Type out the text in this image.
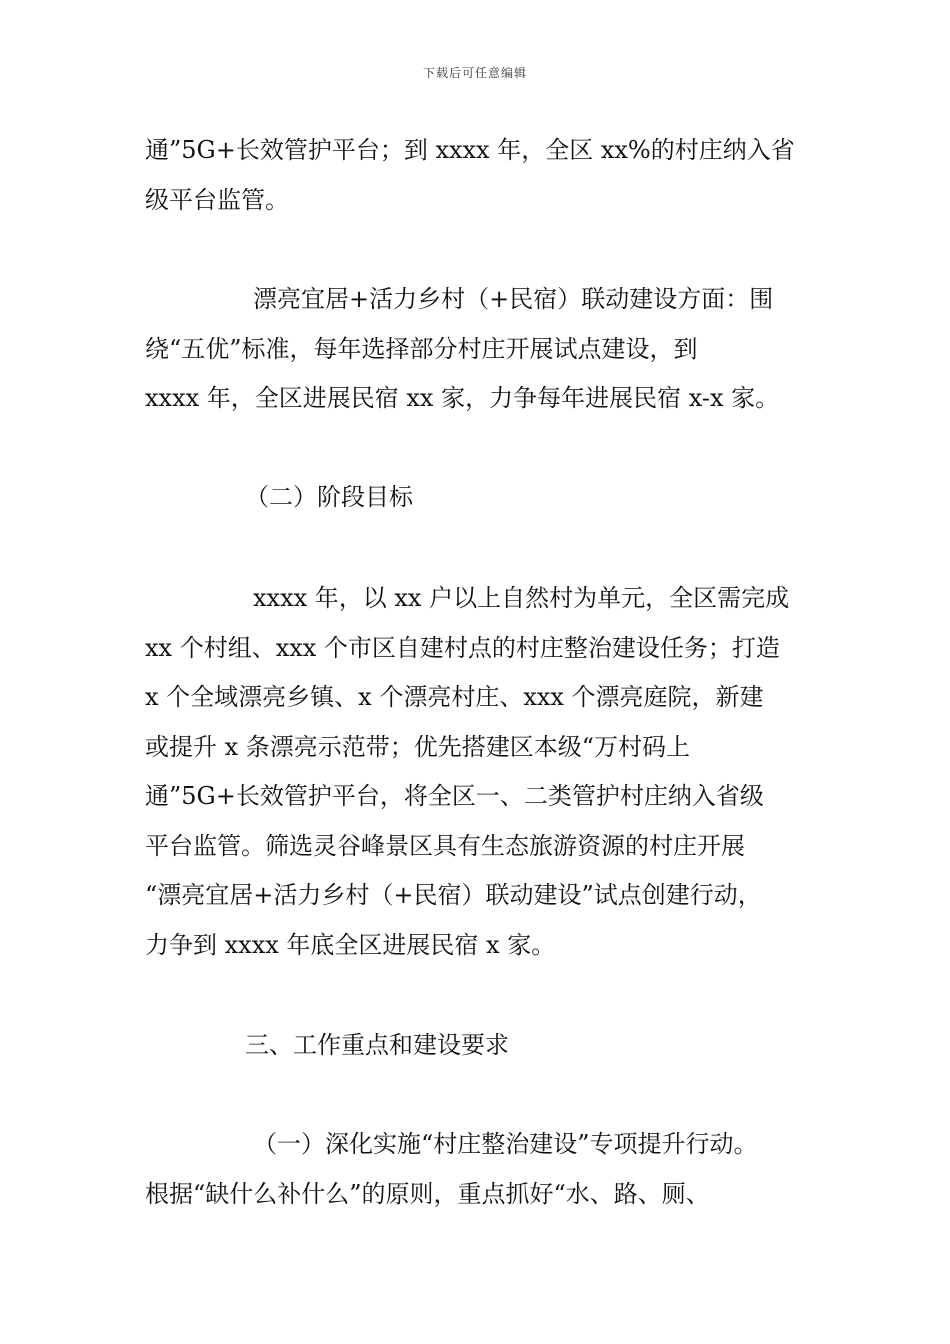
下载后可任意编辑
通”5G+长效管护平台；到 xxxx 年，全区 xx%的村庄纳入省
级平台监管。
漂亮宜居+活力乡村（+民宿）联动建设方面：围
绕“五优”标准，每年选择部分村庄开展试点建设，到
xxxx 年，全区进展民宿 xx 家，力争每年进展民宿 x-x 家。
（二）阶段目标
xxxx 年，以 xx 户以上自然村为单元，全区需完成
xx 个村组、xxx 个市区自建村点的村庄整治建设任务；打造
x 个全域漂亮乡镇、x 个漂亮村庄、xxx 个漂亮庭院，新建
或提升 x 条漂亮示范带；优先搭建区本级“万村码上
通”5G+长效管护平台，将全区一、二类管护村庄纳入省级
平台监管。筛选灵谷峰景区具有生态旅游资源的村庄开展
“漂亮宜居+活力乡村（+民宿）联动建设”试点创建行动，
力争到 xxxx 年底全区进展民宿 x 家。
三、工作重点和建设要求
（一）深化实施“村庄整治建设”专项提升行动。
根据“缺什么补什么”的原则，重点抓好“水、路、厕、
